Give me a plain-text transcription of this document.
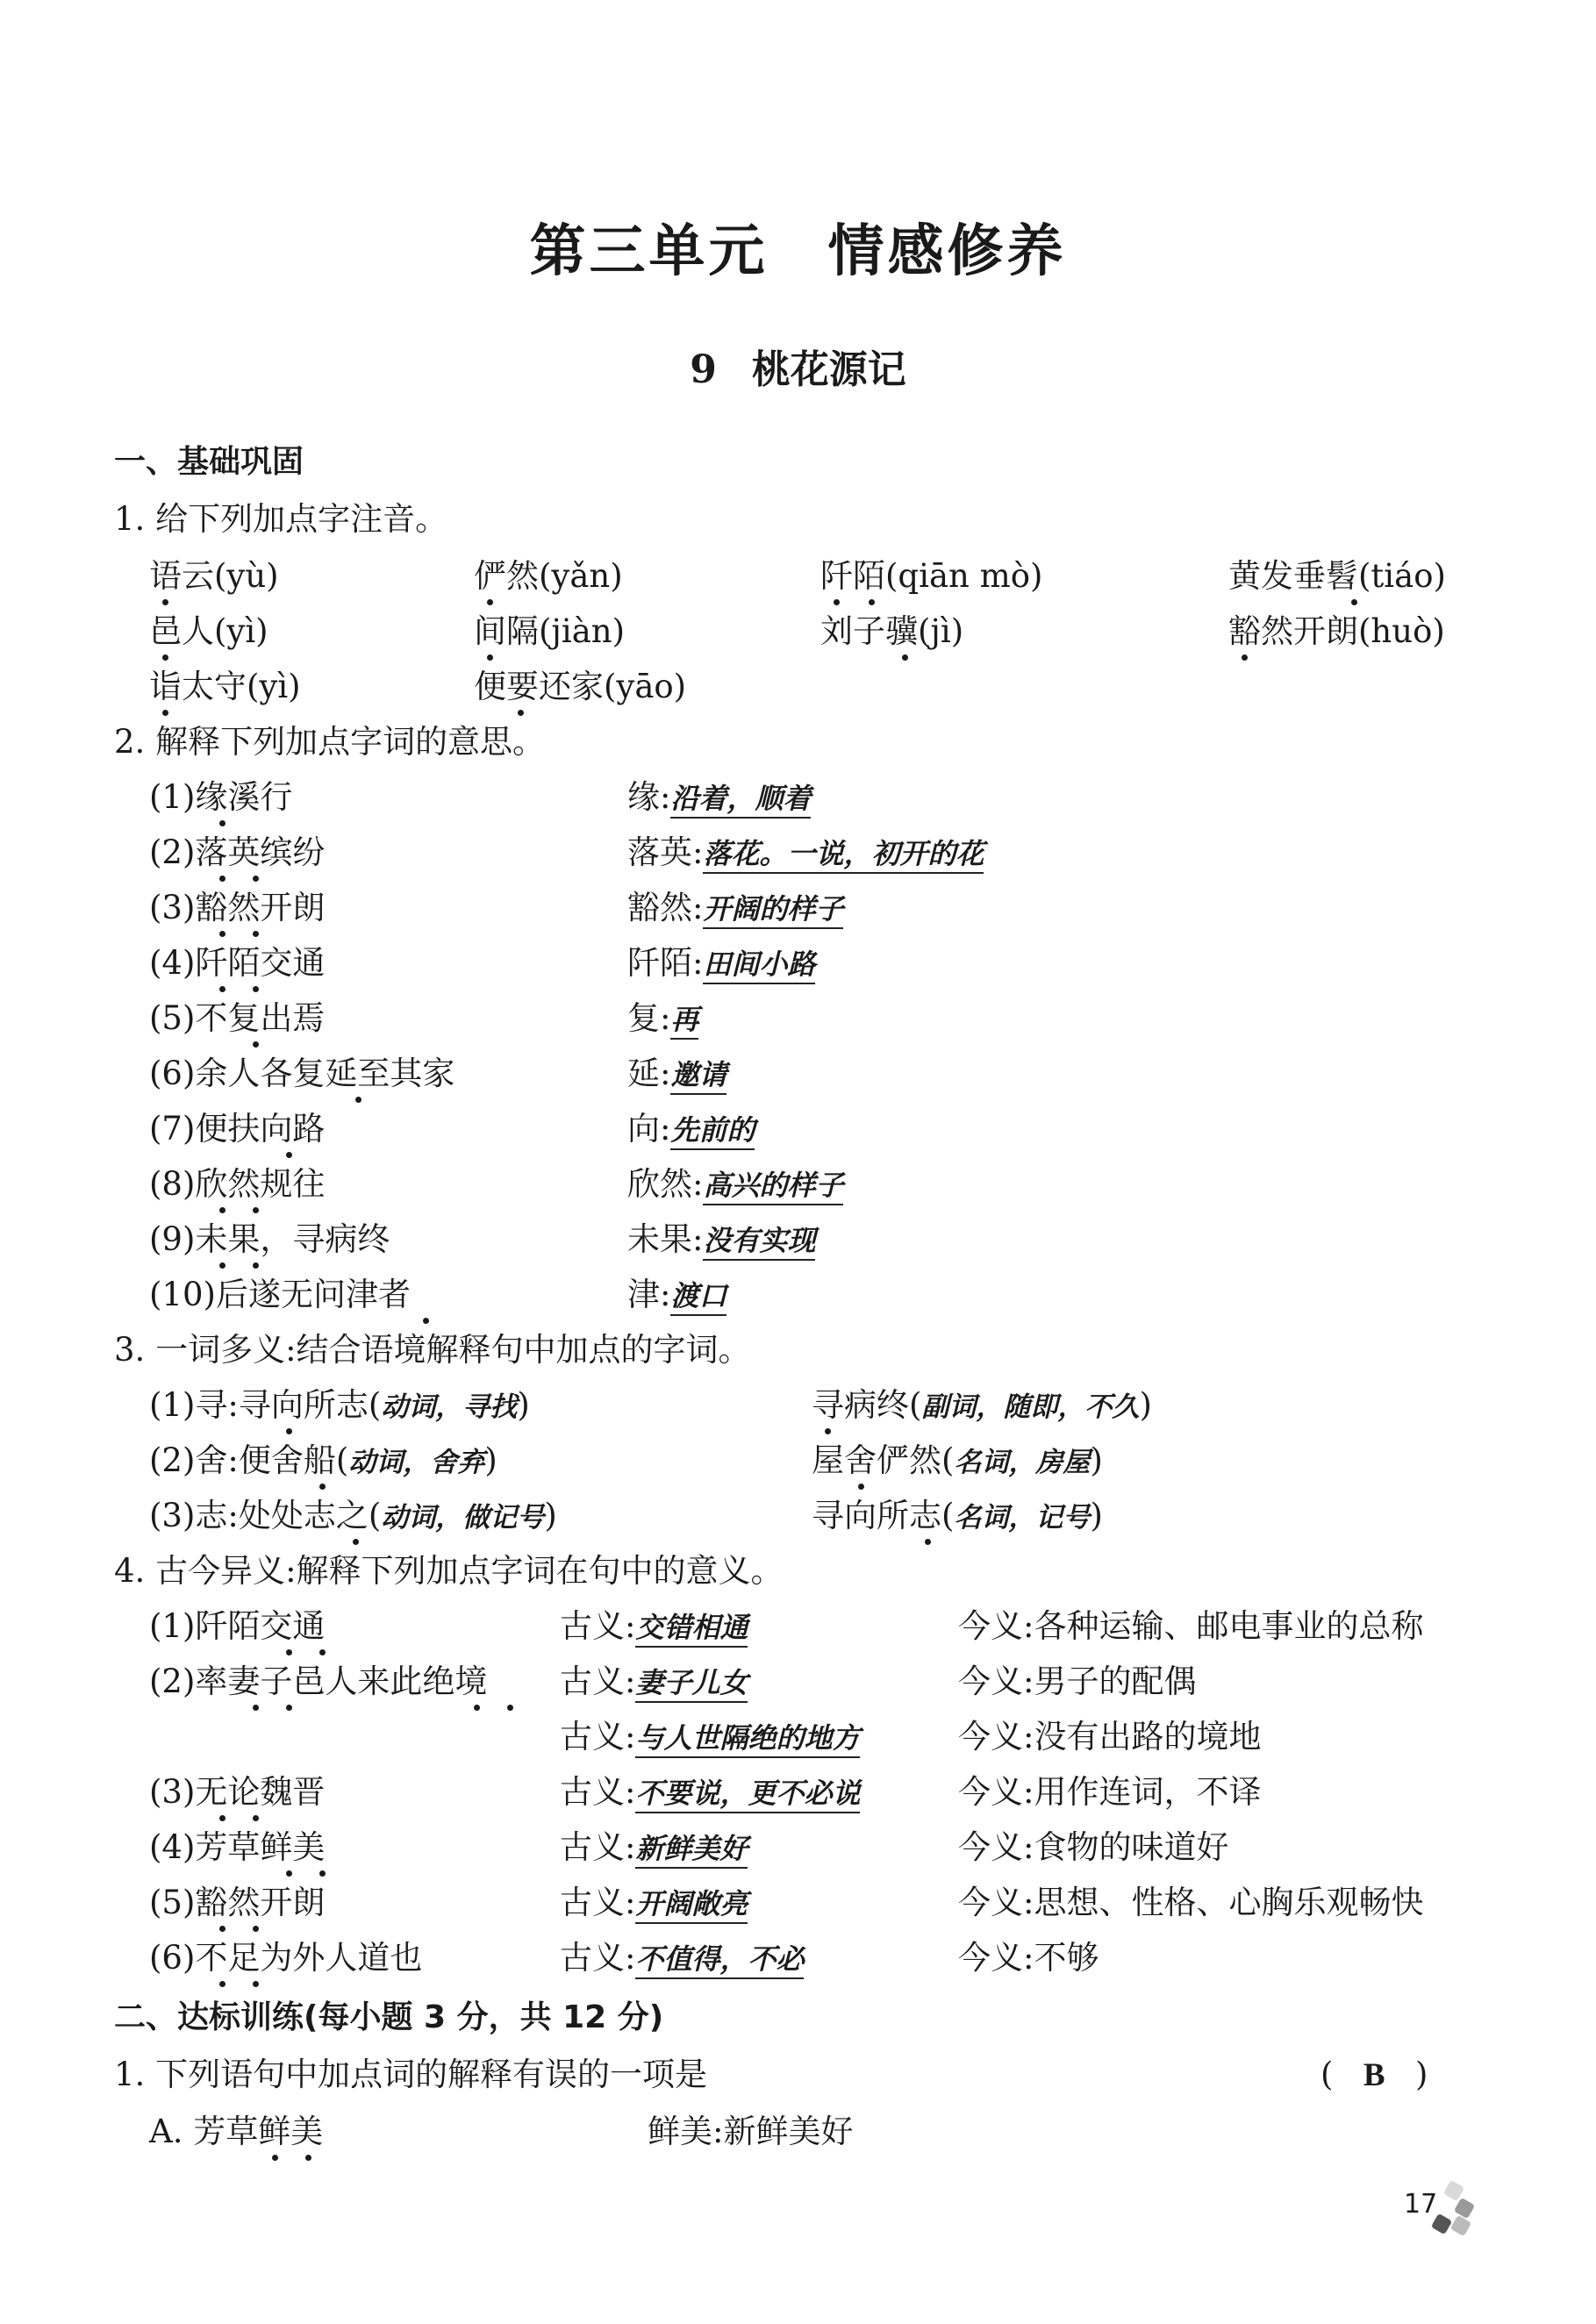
第三单元　情感修养
9 桃花源记
一、基础巩固
1. 给下列加点字注音。
语云(yù)	俨然(yǎn)	阡陌(qiān mò)	黄发垂髫(tiáo)
邑人(yì)	间隔(jiàn)	刘子骥(jì)	豁然开朗(huò)
诣太守(yì)	便要还家(yāo)
2. 解释下列加点字词的意思。
(1)缘溪行	缘:沿着，顺着
(2)落英缤纷	落英:落花。一说，初开的花
(3)豁然开朗	豁然:开阔的样子
(4)阡陌交通	阡陌:田间小路
(5)不复出焉	复:再
(6)余人各复延至其家	延:邀请
(7)便扶向路	向:先前的
(8)欣然规往	欣然:高兴的样子
(9)未果，寻病终	未果:没有实现
(10)后遂无问津者	津:渡口
3. 一词多义:结合语境解释句中加点的字词。
(1)寻:寻向所志(动词，寻找)	寻病终(副词，随即，不久)
(2)舍:便舍船(动词，舍弃)	屋舍俨然(名词，房屋)
(3)志:处处志之(动词，做记号)	寻向所志(名词，记号)
4. 古今异义:解释下列加点字词在句中的意义。
(1)阡陌交通	古义:交错相通	今义:各种运输、邮电事业的总称
(2)率妻子邑人来此绝境 古义:妻子儿女	今义:男子的配偶
古义:与人世隔绝的地方	今义:没有出路的境地
(3)无论魏晋	古义:不要说，更不必说	今义:用作连词，不译
(4)芳草鲜美	古义:新鲜美好	今义:食物的味道好
(5)豁然开朗	古义:开阔敞亮	今义:思想、性格、心胸乐观畅快
(6)不足为外人道也	古义:不值得，不必	今义:不够
二、达标训练(每小题 3 分，共 12 分)
1. 下列语句中加点词的解释有误的一项是	( B )
A. 芳草鲜美	鲜美:新鲜美好
17
